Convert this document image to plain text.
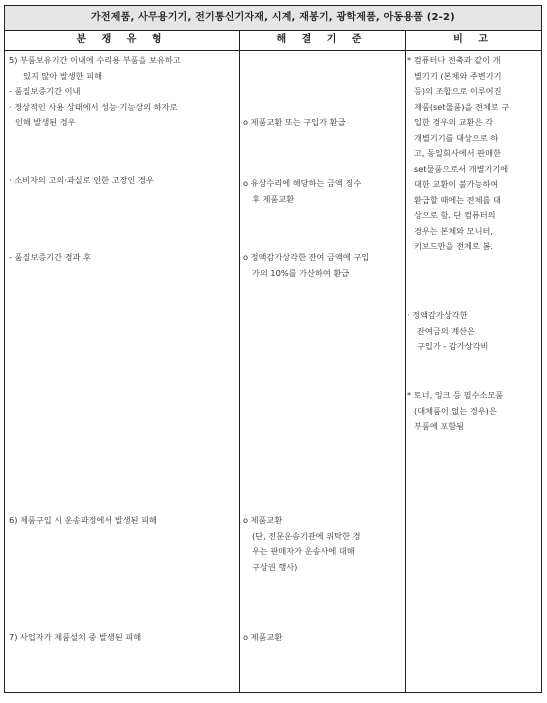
가전제품, 사무용기기, 전기통신기자재, 시계, 재봉기, 광학제품, 아동용품 (2-2)
분 쟁 유 형	해 결 기 준	비 고
5) 부품보유기간 이내에 수리용 부품을 보유하고
있지 않아 발생한 피해
- 품질보증기간 이내
· 정상적인 사용 상태에서 성능·기능상의 하자로
인해 발생된 경우
· 소비자의 고의·과실로 인한 고장인 경우
- 품질보증기간 경과 후
6) 제품구입 시 운송과정에서 발생된 피해
7) 사업자가 제품설치 중 발생된 피해
o 제품교환 또는 구입가 환급
o 유상수리에 해당하는 금액 징수
후 제품교환
o 정액감가상각한 잔여 금액에 구입
가의 10%를 가산하여 환급
o 제품교환
(단, 전문운송기관에 위탁한 경
우는 판매자가 운송사에 대해
구상권 행사)
o 제품교환
* 컴퓨터나 전축과 같이 개
별기기 (본체와 주변기기
등)의 조합으로 이루어진
제품(set물품)을 전체로 구
입한 경우의 교환은 각
개별기기를 대상으로 하
고, 동일회사에서 판매한
set물품으로서 개별기기에
대한 교환이 불가능하여
환급할 때에는 전체를 대
상으로 함. 단 컴퓨터의
경우는 본체와 모니터,
키보드만을 전체로 봄.
· 정액감가상각한
잔여금의 계산은
구입가 - 감가상각비
* 토너, 잉크 등 필수소모품
(대체품이 없는 경우)은
부품에 포함됨
